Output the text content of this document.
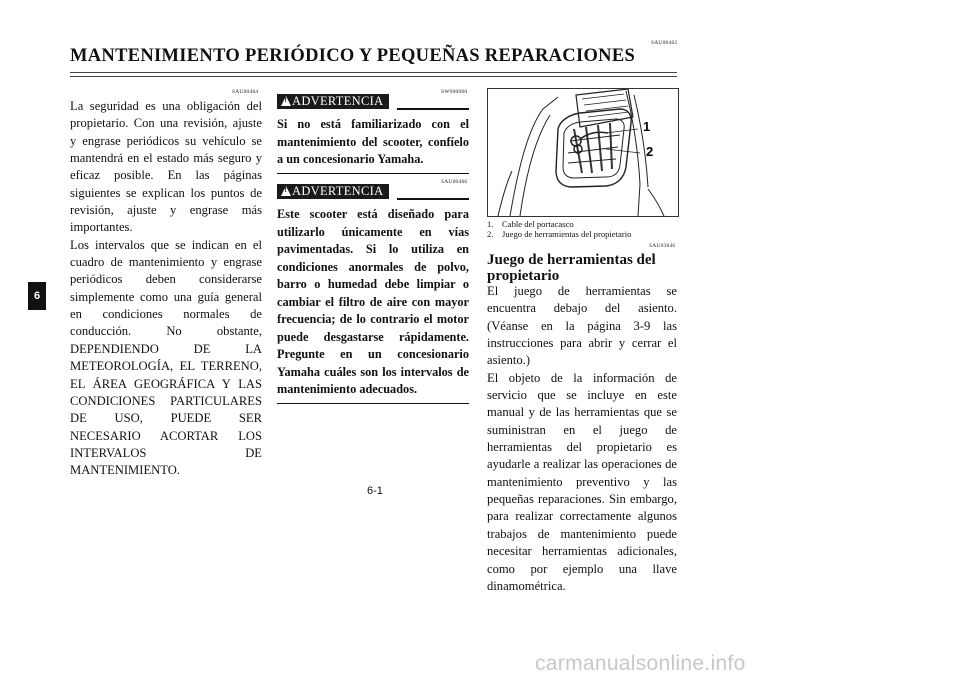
SAU00462
MANTENIMIENTO PERIÓDICO Y PEQUEÑAS REPARACIONES
6
SAU00464

La seguridad es una obligación del propietario. Con una revisión, ajuste y engrase periódicos su vehículo se mantendrá en el estado más seguro y eficaz posible. En las páginas siguientes se explican los puntos de revisión, ajuste y engrase más importantes.

Los intervalos que se indican en el cuadro de mantenimiento y engrase periódicos deben considerarse simplemente como una guía general en condiciones normales de conducción. No obstante, DEPENDIENDO DE LA METEOROLOGÍA, EL TERRENO, EL ÁREA GEOGRÁFICA Y LAS CONDICIONES PARTICULARES DE USO, PUEDE SER NECESARIO ACORTAR LOS INTERVALOS DE MANTENIMIENTO.

SW000060
!
ADVERTENCIA
Si no está familiarizado con el mantenimiento del scooter, confíelo a un concesionario Yamaha.
SAU00466
!
ADVERTENCIA
Este scooter está diseñado para utilizarlo únicamente en vías pavimentadas. Si lo utiliza en condiciones anormales de polvo, barro o humedad debe limpiar o cambiar el filtro de aire con mayor frecuencia; de lo contrario el motor puede desgastarse rápidamente. Pregunte en un concesionario Yamaha cuáles son los intervalos de mantenimiento adecuados.
1
2
1. Cable del portacasco
2. Juego de herramientas del propietario
SAU03846
Juego de herramientas del propietario

El juego de herramientas se encuentra debajo del asiento. (Véanse en la página 3-9 las instrucciones para abrir y cerrar el asiento.)

El objeto de la información de servicio que se incluye en este manual y de las herramientas que se suministran en el juego de herramientas del propietario es ayudarle a realizar las operaciones de mantenimiento preventivo y las pequeñas reparaciones. Sin embargo, para realizar correctamente algunos trabajos de mantenimiento puede necesitar herramientas adicionales, como por ejemplo una llave dinamométrica.

6-1
carmanualsonline.info
